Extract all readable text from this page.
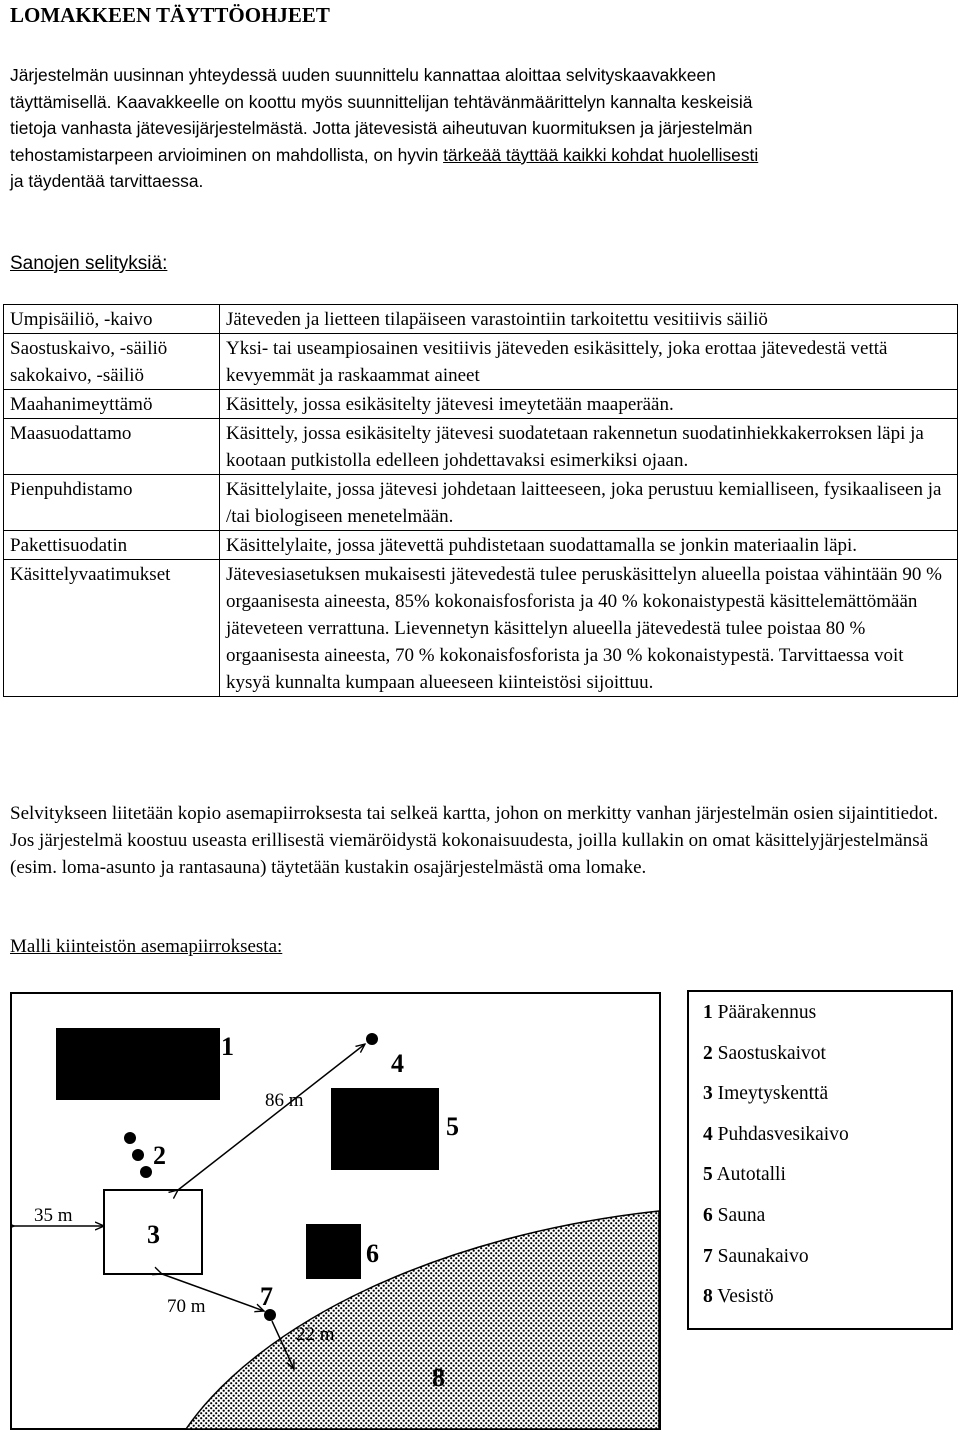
LOMAKKEEN TÄYTTÖOHJEET

Järjestelmän uusinnan yhteydessä uuden suunnittelu kannattaa aloittaa selvityskaavakkeen

täyttämisellä. Kaavakkeelle on koottu myös suunnittelijan tehtävänmäärittelyn kannalta keskeisiä

tietoja vanhasta jätevesijärjestelmästä. Jotta jätevesistä aiheutuvan kuormituksen ja järjestelmän

tehostamistarpeen arvioiminen on mahdollista, on hyvin tärkeää täyttää kaikki kohdat huolellisesti

ja täydentää tarvittaessa.

Sanojen selityksiä:
Umpisäiliö, -kaivo	Jäteveden ja lietteen tilapäiseen varastointiin tarkoitettu vesitiivis säiliö

Saostuskaivo, -säiliö
sakokaivo, -säiliö	Yksi- tai useampiosainen vesitiivis jäteveden esikäsittely, joka erottaa jätevedestä vettä kevyemmät ja raskaammat aineet
Maahanimeyttämö	Käsittely, jossa esikäsitelty jätevesi imeytetään maaperään.
Maasuodattamo	Käsittely, jossa esikäsitelty jätevesi suodatetaan rakennetun suodatinhiekkakerroksen läpi ja kootaan putkistolla edelleen johdettavaksi esimerkiksi ojaan.
Pienpuhdistamo	Käsittelylaite, jossa jätevesi johdetaan laitteeseen, joka perustuu kemialliseen, fysikaaliseen ja /tai biologiseen menetelmään.
Pakettisuodatin	Käsittelylaite, jossa jätevettä puhdistetaan suodattamalla se jonkin materiaalin läpi.
Käsittelyvaatimukset	Jätevesiasetuksen mukaisesti jätevedestä tulee peruskäsittelyn alueella poistaa vähintään 90 % orgaanisesta aineesta, 85% kokonaisfosforista ja 40 % kokonaistypestä käsittelemättömään jäteveteen verrattuna. Lievennetyn käsittelyn alueella jätevedestä tulee poistaa 80 % orgaanisesta aineesta, 70 % kokonaisfosforista ja 30 % kokonaistypestä. Tarvittaessa voit kysyä kunnalta kumpaan alueeseen kiinteistösi sijoittuu.

Selvitykseen liitetään kopio asemapiirroksesta tai selkeä kartta, johon on merkitty vanhan järjestelmän osien sijaintitiedot. Jos järjestelmä koostuu useasta erillisestä viemäröidystä kokonaisuudesta, joilla kullakin on omat käsittelyjärjestelmänsä (esim. loma-asunto ja rantasauna) täytetään kustakin osajärjestelmästä oma lomake.

Malli kiinteistön asemapiirroksesta:
1
2
3
4
5
6
7
8
86 m
35 m
70 m
22 m
1 Päärakennus
2 Saostuskaivot
3 Imeytyskenttä
4 Puhdasvesikaivo
5 Autotalli
6 Sauna
7 Saunakaivo
8 Vesistö
